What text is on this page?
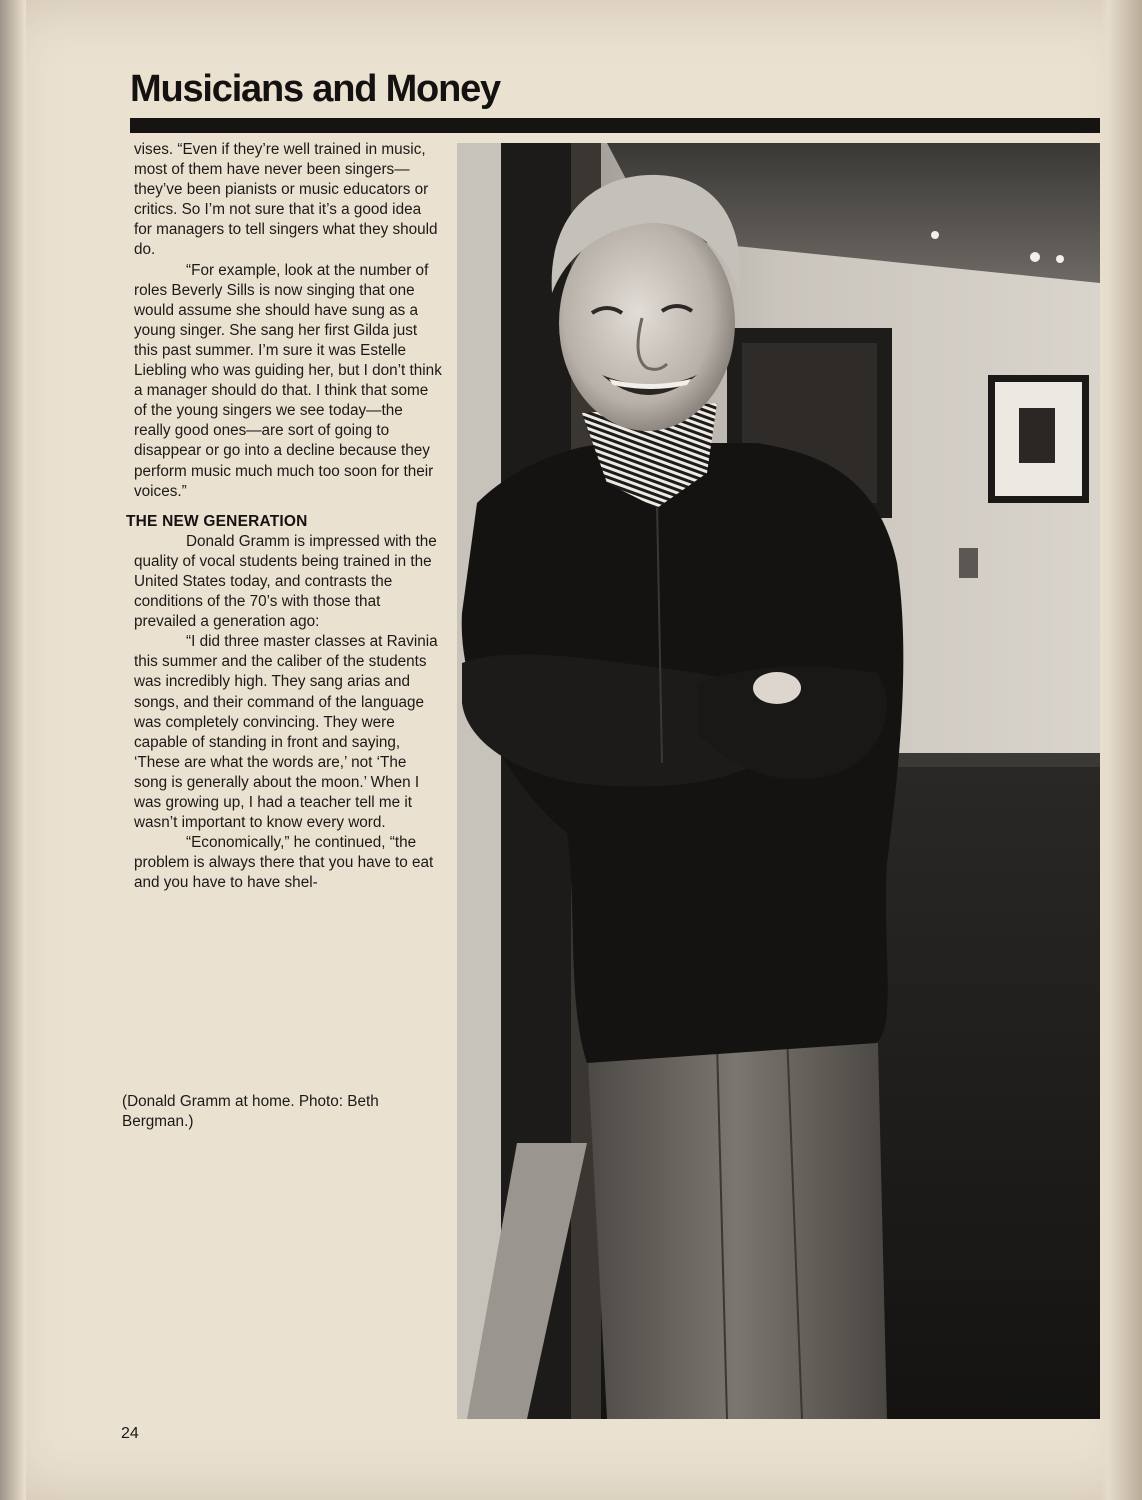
Musicians and Money

vises. “Even if they’re well trained in music, most of them have never been singers—they’ve been pianists or music educators or critics. So I’m not sure that it’s a good idea for managers to tell singers what they should do.

“For example, look at the number of roles Beverly Sills is now singing that one would assume she should have sung as a young singer. She sang her first Gilda just this past summer. I’m sure it was Estelle Liebling who was guiding her, but I don’t think a manager should do that. I think that some of the young singers we see today—the really good ones—are sort of going to disappear or go into a decline because they perform music much much too soon for their voices.”

THE NEW GENERATION

Donald Gramm is impressed with the quality of vocal students being trained in the United States today, and contrasts the conditions of the 70’s with those that prevailed a generation ago:

“I did three master classes at Ravinia this summer and the caliber of the students was incredibly high. They sang arias and songs, and their command of the language was completely convincing. They were capable of standing in front and saying, ‘These are what the words are,’ not ‘The song is generally about the moon.’ When I was growing up, I had a teacher tell me it wasn’t important to know every word.

“Economically,” he continued, “the problem is always there that you have to eat and you have to have shel-

(Donald Gramm at home. Photo: Beth Bergman.)
24
